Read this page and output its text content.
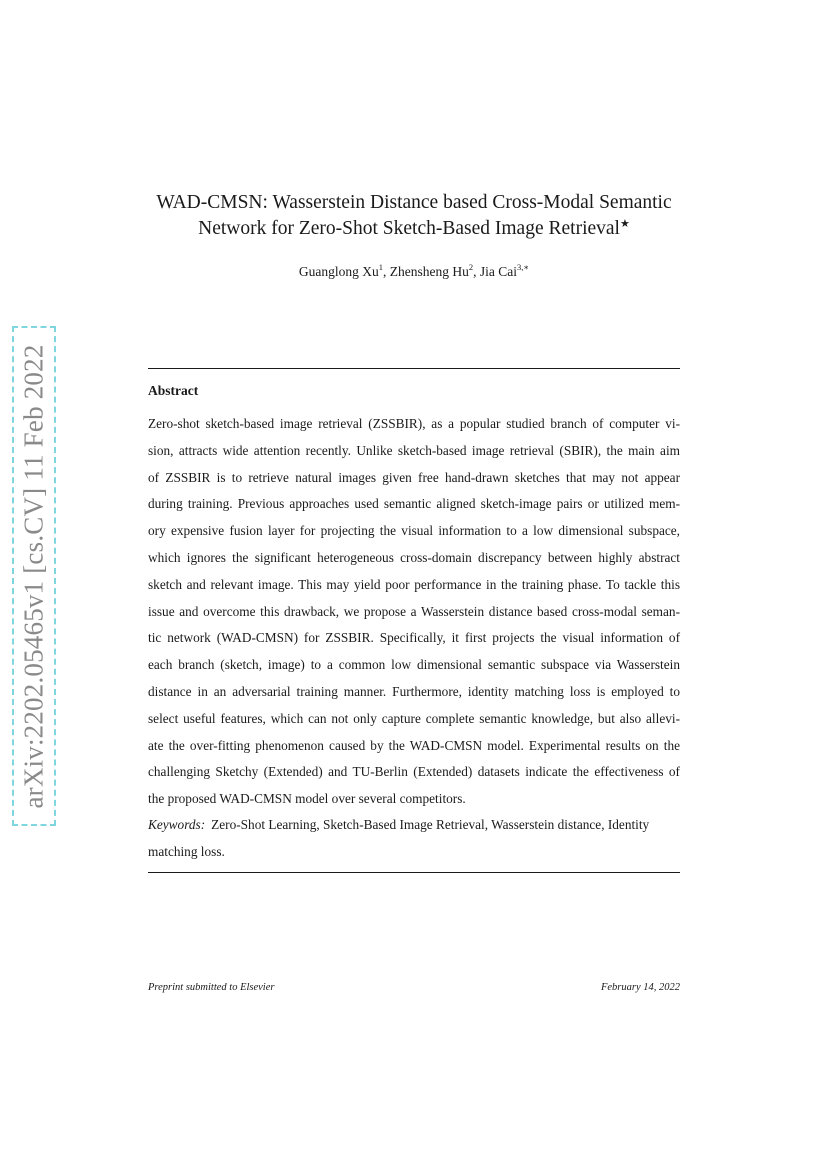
arXiv:2202.05465v1 [cs.CV] 11 Feb 2022
WAD-CMSN: Wasserstein Distance based Cross-Modal Semantic
Network for Zero-Shot Sketch-Based Image Retrieval★
Guanglong Xu$^1$, Zhensheng Hu$^2$, Jia Cai$^{3,∗}$
Abstract
Zero-shot sketch-based image retrieval (ZSSBIR), as a popular studied branch of computer vi-
sion, attracts wide attention recently. Unlike sketch-based image retrieval (SBIR), the main aim
of ZSSBIR is to retrieve natural images given free hand-drawn sketches that may not appear
during training. Previous approaches used semantic aligned sketch-image pairs or utilized mem-
ory expensive fusion layer for projecting the visual information to a low dimensional subspace,
which ignores the significant heterogeneous cross-domain discrepancy between highly abstract
sketch and relevant image. This may yield poor performance in the training phase. To tackle this
issue and overcome this drawback, we propose a Wasserstein distance based cross-modal seman-
tic network (WAD-CMSN) for ZSSBIR. Specifically, it first projects the visual information of
each branch (sketch, image) to a common low dimensional semantic subspace via Wasserstein
distance in an adversarial training manner. Furthermore, identity matching loss is employed to
select useful features, which can not only capture complete semantic knowledge, but also allevi-
ate the over-fitting phenomenon caused by the WAD-CMSN model. Experimental results on the
challenging Sketchy (Extended) and TU-Berlin (Extended) datasets indicate the effectiveness of
the proposed WAD-CMSN model over several competitors.
Keywords: Zero-Shot Learning, Sketch-Based Image Retrieval, Wasserstein distance, Identity
matching loss.
Preprint submitted to Elsevier	February 14, 2022
